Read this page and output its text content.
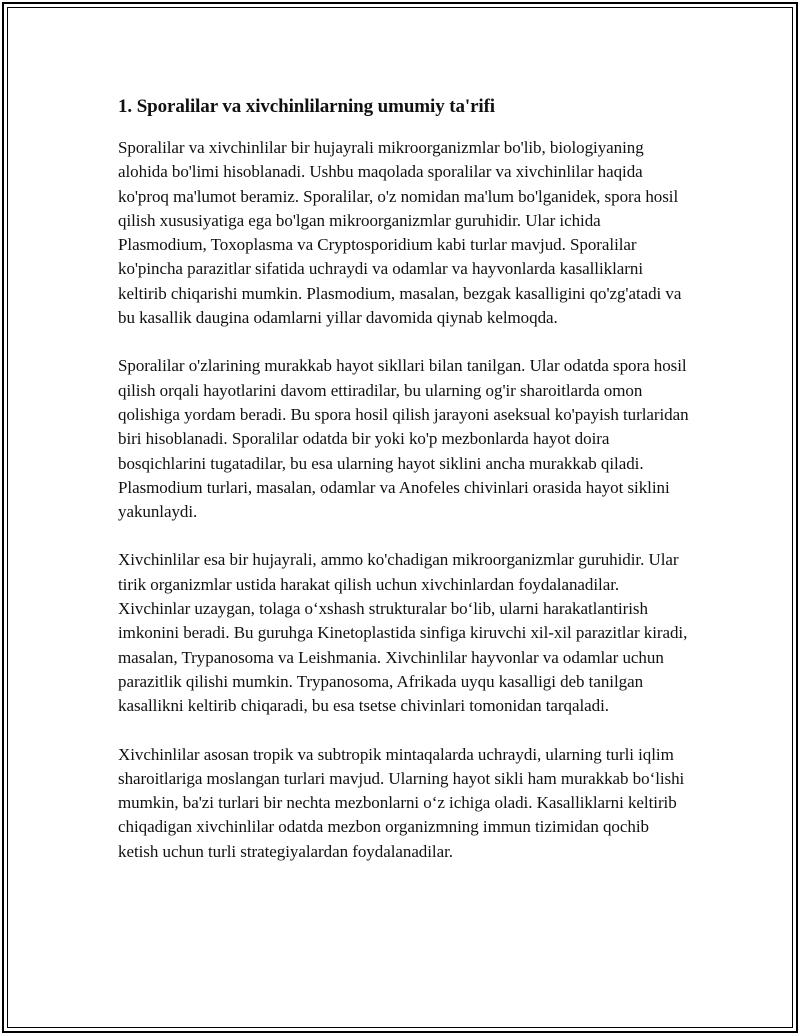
1. Sporalilar va xivchinlilarning umumiy ta'rifi

Sporalilar va xivchinlilar bir hujayrali mikroorganizmlar bo'lib, biologiyaning alohida bo'limi hisoblanadi. Ushbu maqolada sporalilar va xivchinlilar haqida ko'proq ma'lumot beramiz. Sporalilar, o'z nomidan ma'lum bo'lganidek, spora hosil qilish xususiyatiga ega bo'lgan mikroorganizmlar guruhidir. Ular ichida Plasmodium, Toxoplasma va Cryptosporidium kabi turlar mavjud. Sporalilar ko'pincha parazitlar sifatida uchraydi va odamlar va hayvonlarda kasalliklarni keltirib chiqarishi mumkin. Plasmodium, masalan, bezgak kasalligini qo'zg'atadi va bu kasallik daugina odamlarni yillar davomida qiynab kelmoqda.

Sporalilar o'zlarining murakkab hayot sikllari bilan tanilgan. Ular odatda spora hosil qilish orqali hayotlarini davom ettiradilar, bu ularning og'ir sharoitlarda omon qolishiga yordam beradi. Bu spora hosil qilish jarayoni aseksual ko'payish turlaridan biri hisoblanadi. Sporalilar odatda bir yoki ko'p mezbonlarda hayot doira bosqichlarini tugatadilar, bu esa ularning hayot siklini ancha murakkab qiladi. Plasmodium turlari, masalan, odamlar va Anofeles chivinlari orasida hayot siklini yakunlaydi.

Xivchinlilar esa bir hujayrali, ammo ko'chadigan mikroorganizmlar guruhidir. Ular tirik organizmlar ustida harakat qilish uchun xivchinlardan foydalanadilar. Xivchinlar uzaygan, tolaga o‘xshash strukturalar bo‘lib, ularni harakatlantirish imkonini beradi. Bu guruhga Kinetoplastida sinfiga kiruvchi xil-xil parazitlar kiradi, masalan, Trypanosoma va Leishmania. Xivchinlilar hayvonlar va odamlar uchun parazitlik qilishi mumkin. Trypanosoma, Afrikada uyqu kasalligi deb tanilgan kasallikni keltirib chiqaradi, bu esa tsetse chivinlari tomonidan tarqaladi.

Xivchinlilar asosan tropik va subtropik mintaqalarda uchraydi, ularning turli iqlim sharoitlariga moslangan turlari mavjud. Ularning hayot sikli ham murakkab bo‘lishi mumkin, ba'zi turlari bir nechta mezbonlarni o‘z ichiga oladi. Kasalliklarni keltirib chiqadigan xivchinlilar odatda mezbon organizmning immun tizimidan qochib ketish uchun turli strategiyalardan foydalanadilar.
